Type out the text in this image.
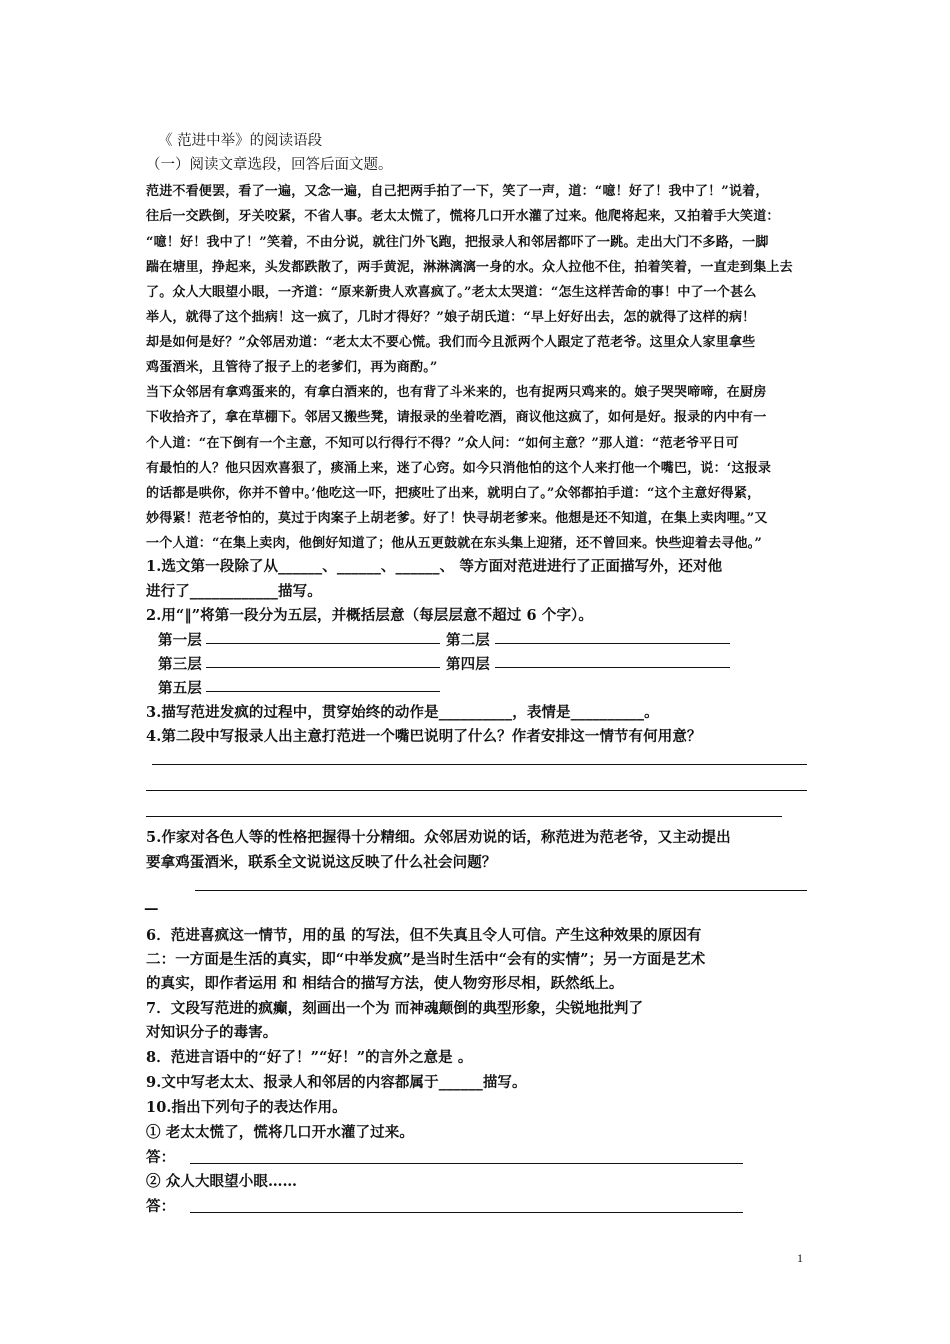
《 范进中举》的阅读语段
（一）阅读文章选段，回答后面文题。
范进不看便罢，看了一遍，又念一遍，自己把两手拍了一下，笑了一声，道：“噫！好了！我中了！”说着，
往后一交跌倒，牙关咬紧，不省人事。老太太慌了，慌将几口开水灌了过来。他爬将起来，又拍着手大笑道：
“噫！好！我中了！”笑着，不由分说，就往门外飞跑，把报录人和邻居都吓了一跳。走出大门不多路，一脚
踹在塘里，挣起来，头发都跌散了，两手黄泥，淋淋漓漓一身的水。众人拉他不住，拍着笑着，一直走到集上去
了。众人大眼望小眼，一齐道：“原来新贵人欢喜疯了。”老太太哭道：“怎生这样苦命的事！中了一个甚么
举人，就得了这个拙病！这一疯了，几时才得好？”娘子胡氏道：“早上好好出去，怎的就得了这样的病！
却是如何是好？”众邻居劝道：“老太太不要心慌。我们而今且派两个人跟定了范老爷。这里众人家里拿些
鸡蛋酒米，且管待了报子上的老爹们，再为商酌。”
当下众邻居有拿鸡蛋来的，有拿白酒来的，也有背了斗米来的，也有捉两只鸡来的。娘子哭哭啼啼，在厨房
下收拾齐了，拿在草棚下。邻居又搬些凳，请报录的坐着吃酒，商议他这疯了，如何是好。报录的内中有一
个人道：“在下倒有一个主意，不知可以行得行不得？”众人问：“如何主意？”那人道：“范老爷平日可
有最怕的人？他只因欢喜狠了，痰涌上来，迷了心窍。如今只消他怕的这个人来打他一个嘴巴，说：‘这报录
的话都是哄你，你并不曾中。’他吃这一吓，把痰吐了出来，就明白了。”众邻都拍手道：“这个主意好得紧，
妙得紧！范老爷怕的，莫过于肉案子上胡老爹。好了！快寻胡老爹来。他想是还不知道，在集上卖肉哩。”又
一个人道：“在集上卖肉，他倒好知道了；他从五更鼓就在东头集上迎猪，还不曾回来。快些迎着去寻他。”
1.选文第一段除了从______、______、______、 等方面对范进进行了正面描写外，还对他
进行了____________描写。
2.用“‖”将第一段分为五层，并概括层意（每层层意不超过 6 个字）。
第一层	第二层
第三层	第四层
第五层
3.描写范进发疯的过程中，贯穿始终的动作是__________，表情是__________。
4.第二段中写报录人出主意打范进一个嘴巴说明了什么？作者安排这一情节有何用意？
5.作家对各色人等的性格把握得十分精细。众邻居劝说的话，称范进为范老爷，又主动提出
要拿鸡蛋酒米，联系全文说说这反映了什么社会问题？
—
6．范进喜疯这一情节，用的虽 的写法，但不失真且令人可信。产生这种效果的原因有
二：一方面是生活的真实，即“中举发疯”是当时生活中“会有的实情”；另一方面是艺术
的真实，即作者运用 和 相结合的描写方法，使人物穷形尽相，跃然纸上。
7．文段写范进的疯癫，刻画出一个为 而神魂颠倒的典型形象，尖锐地批判了
对知识分子的毒害。
8．范进言语中的“好了！”“好！”的言外之意是 。
9.文中写老太太、报录人和邻居的内容都属于______描写。
10.指出下列句子的表达作用。
① 老太太慌了，慌将几口开水灌了过来。
答：
② 众人大眼望小眼……
答：
1
